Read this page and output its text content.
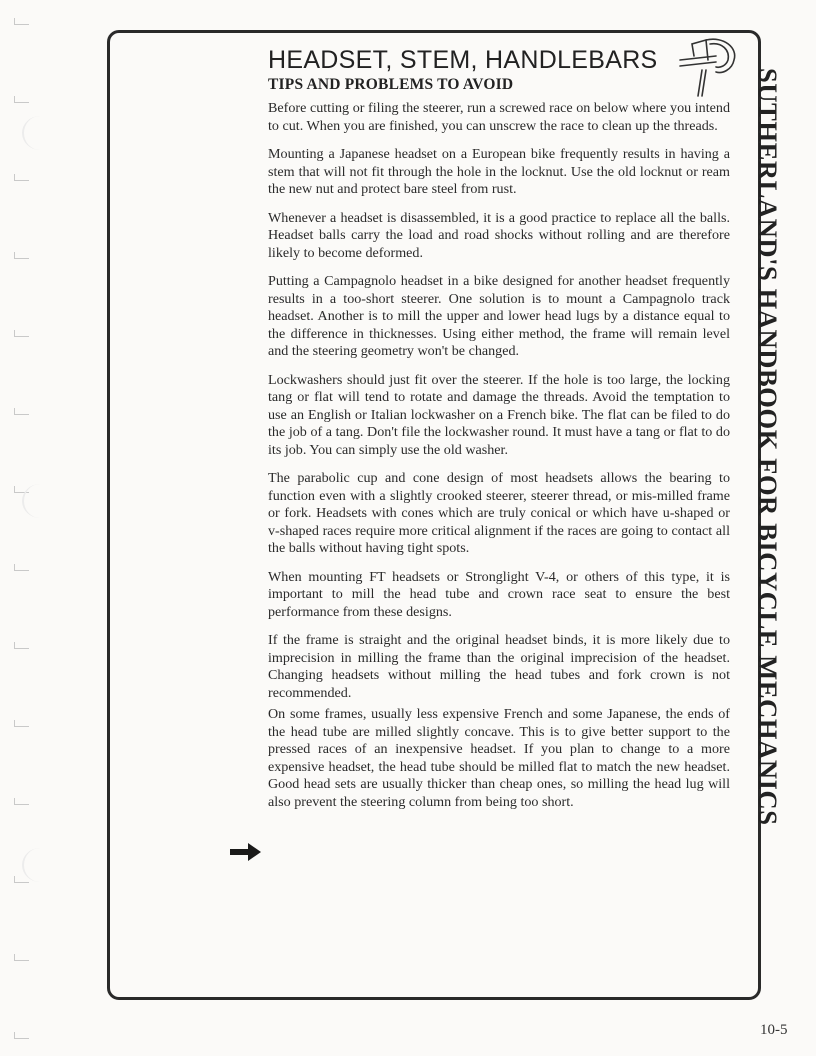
HEADSET, STEM, HANDLEBARS
TIPS AND PROBLEMS TO AVOID

Before cutting or filing the steerer, run a screwed race on below where you intend to cut. When you are finished, you can unscrew the race to clean up the threads.

Mounting a Japanese headset on a European bike frequently results in having a stem that will not fit through the hole in the locknut. Use the old locknut or ream the new nut and protect bare steel from rust.

Whenever a headset is disassembled, it is a good practice to replace all the balls. Headset balls carry the load and road shocks without rolling and are therefore likely to become deformed.

Putting a Campagnolo headset in a bike designed for another headset frequently results in a too-short steerer. One solution is to mount a Campagnolo track headset. Another is to mill the upper and lower head lugs by a distance equal to the difference in thicknesses. Using either method, the frame will remain level and the steering geometry won't be changed.

Lockwashers should just fit over the steerer. If the hole is too large, the locking tang or flat will tend to rotate and damage the threads. Avoid the temptation to use an English or Italian lockwasher on a French bike. The flat can be filed to do the job of a tang. Don't file the lockwasher round. It must have a tang or flat to do its job. You can simply use the old washer.

The parabolic cup and cone design of most headsets allows the bearing to function even with a slightly crooked steerer, steerer thread, or mis-milled frame or fork. Headsets with cones which are truly conical or which have u-shaped or v-shaped races require more critical alignment if the races are going to contact all the balls without having tight spots.

When mounting FT headsets or Stronglight V-4, or others of this type, it is important to mill the head tube and crown race seat to ensure the best performance from these designs.

If the frame is straight and the original headset binds, it is more likely due to imprecision in milling the frame than the original imprecision of the headset. Changing headsets without milling the head tubes and fork crown is not recommended.

On some frames, usually less expensive French and some Japanese, the ends of the head tube are milled slightly concave. This is to give better support to the pressed races of an inexpensive headset. If you plan to change to a more expensive headset, the head tube should be milled flat to match the new headset. Good head sets are usually thicker than cheap ones, so milling the head lug will also prevent the steering column from being too short.	SUTHERLAND'S HANDBOOK FOR BICYCLE MECHANICS
10-5
